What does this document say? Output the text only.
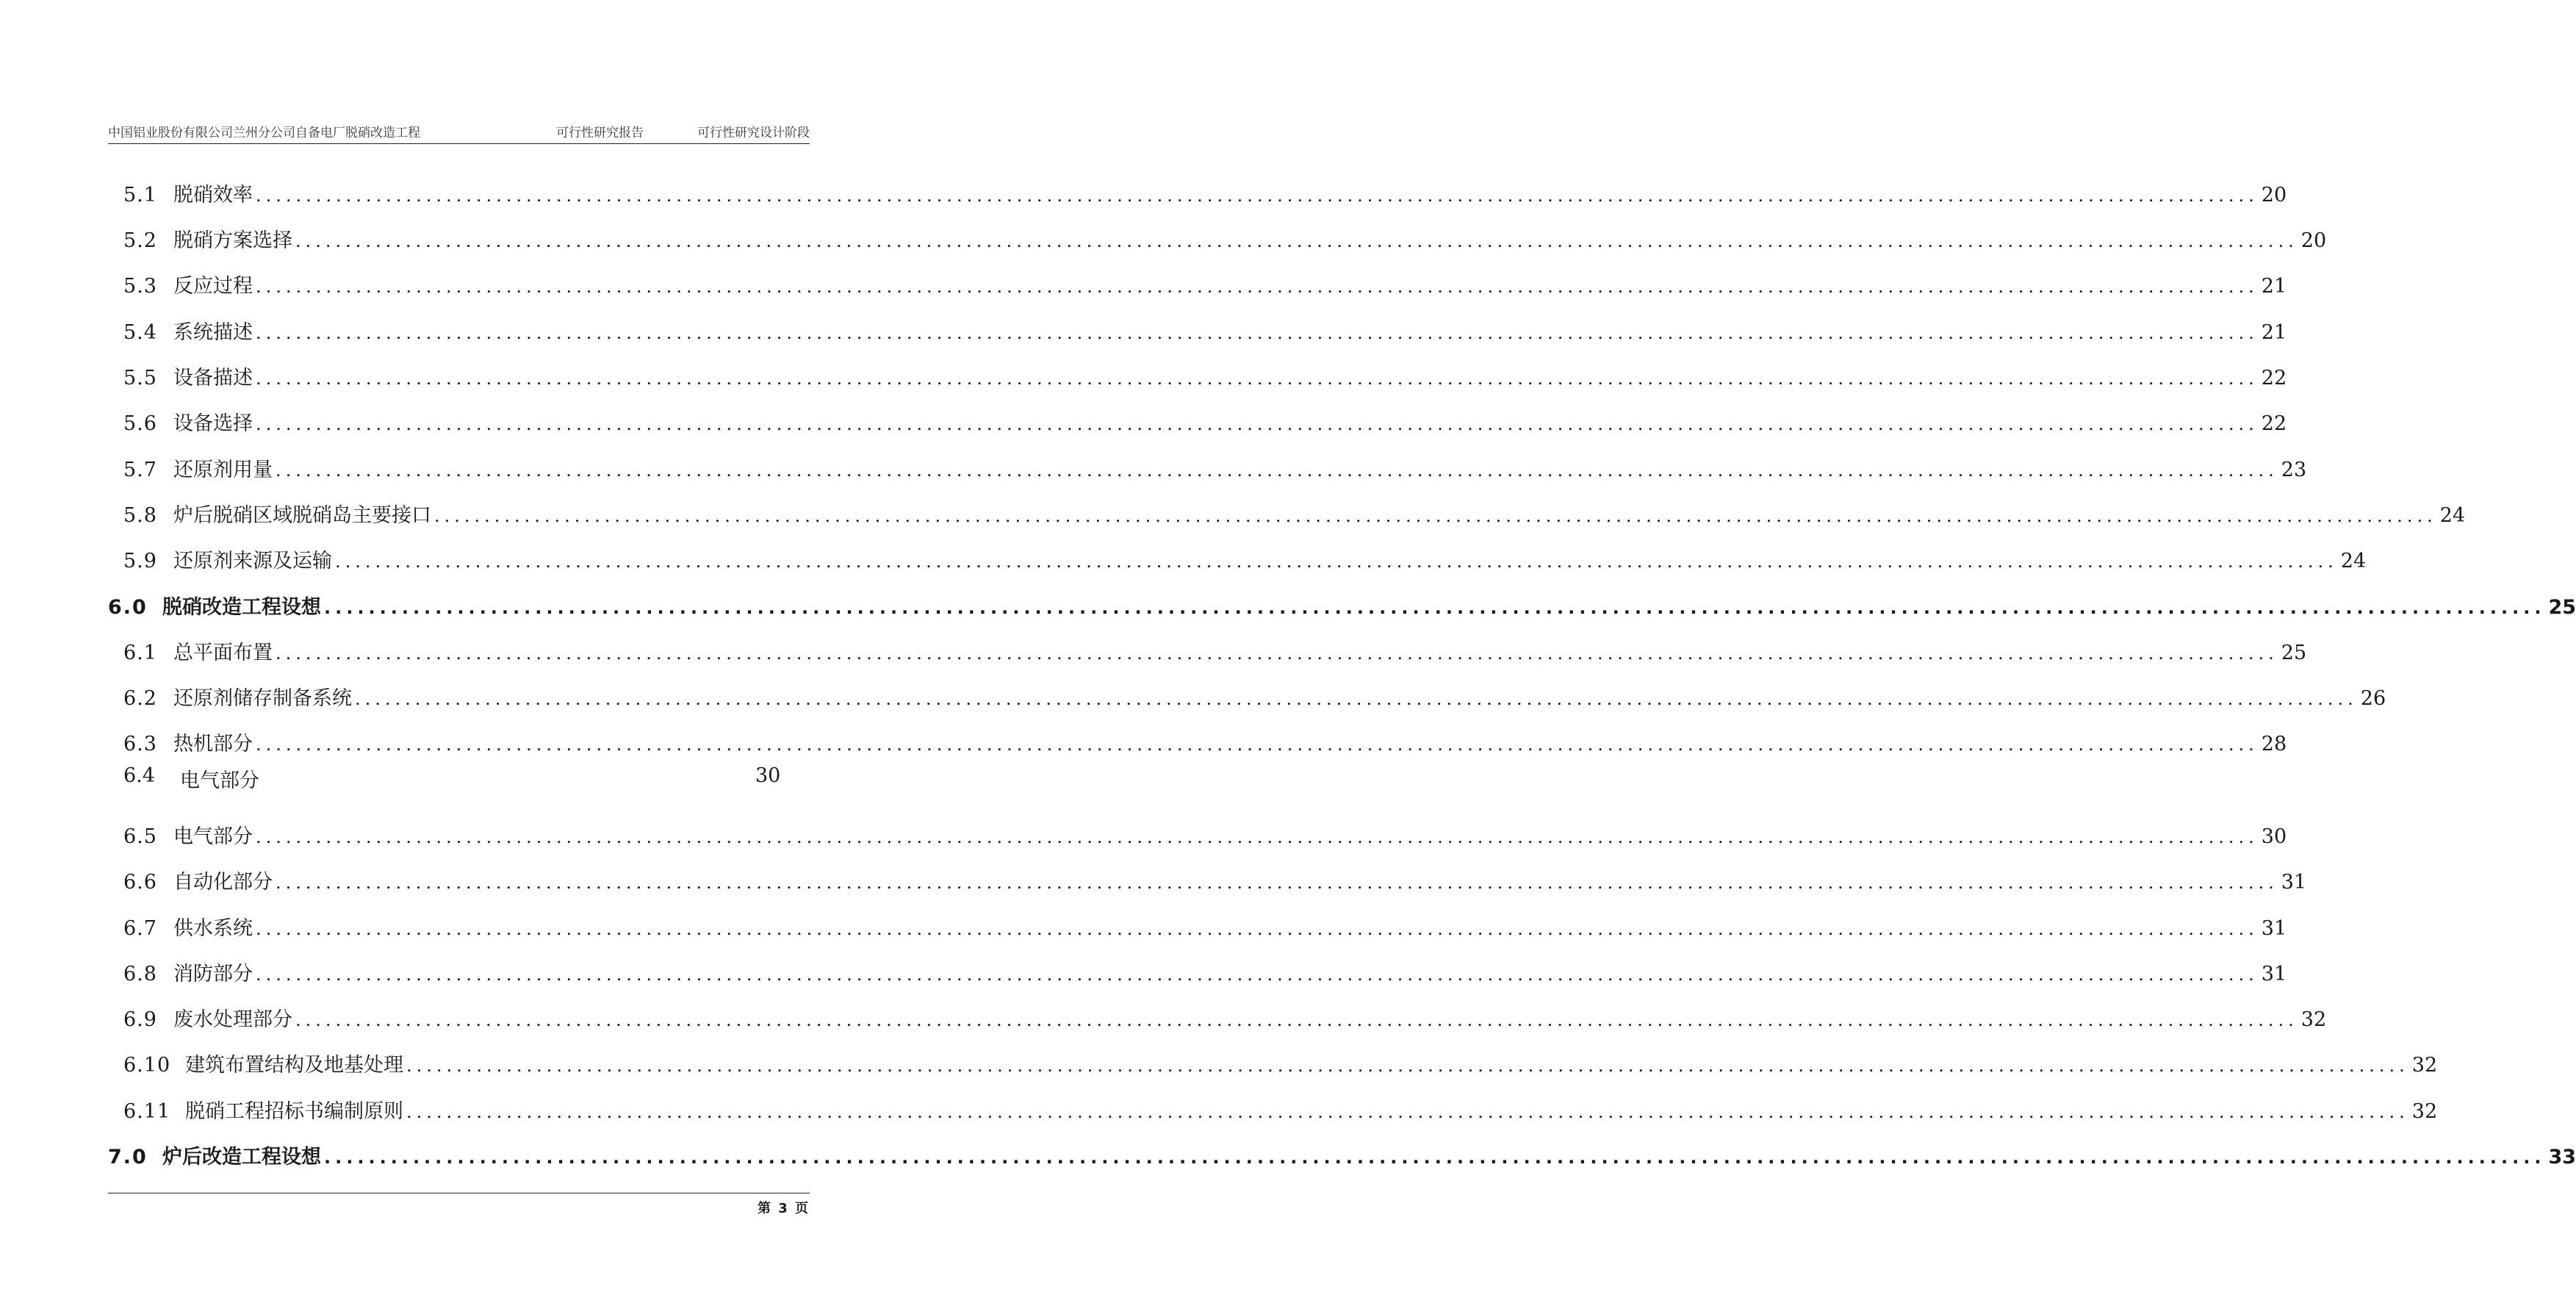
中国铝业股份有限公司兰州分公司自备电厂脱硝改造工程	可行性研究报告	可行性研究设计阶段
5.1 脱硝效率 ........................................................................................................................................................................................................ 20
5.2 脱硝方案选择 ........................................................................................................................................................................................................ 20
5.3 反应过程 ........................................................................................................................................................................................................ 21
5.4 系统描述 ........................................................................................................................................................................................................ 21
5.5 设备描述 ........................................................................................................................................................................................................ 22
5.6 设备选择 ........................................................................................................................................................................................................ 22
5.7 还原剂用量 ........................................................................................................................................................................................................ 23
5.8 炉后脱硝区域脱硝岛主要接口 ........................................................................................................................................................................................................ 24
5.9 还原剂来源及运输 ........................................................................................................................................................................................................ 24
6.0 脱硝改造工程设想 ........................................................................................................................................................................................................ 25
6.1 总平面布置 ........................................................................................................................................................................................................ 25
6.2 还原剂储存制备系统 ........................................................................................................................................................................................................ 26
6.3 热机部分 ........................................................................................................................................................................................................ 28
6.4 电气部分	30
6.5 电气部分 ........................................................................................................................................................................................................ 30
6.6 自动化部分 ........................................................................................................................................................................................................ 31
6.7 供水系统 ........................................................................................................................................................................................................ 31
6.8 消防部分 ........................................................................................................................................................................................................ 31
6.9 废水处理部分 ........................................................................................................................................................................................................ 32
6.10 建筑布置结构及地基处理 ........................................................................................................................................................................................................ 32
6.11 脱硝工程招标书编制原则 ........................................................................................................................................................................................................ 32
7.0 炉后改造工程设想 ........................................................................................................................................................................................................ 33
第 3 页
